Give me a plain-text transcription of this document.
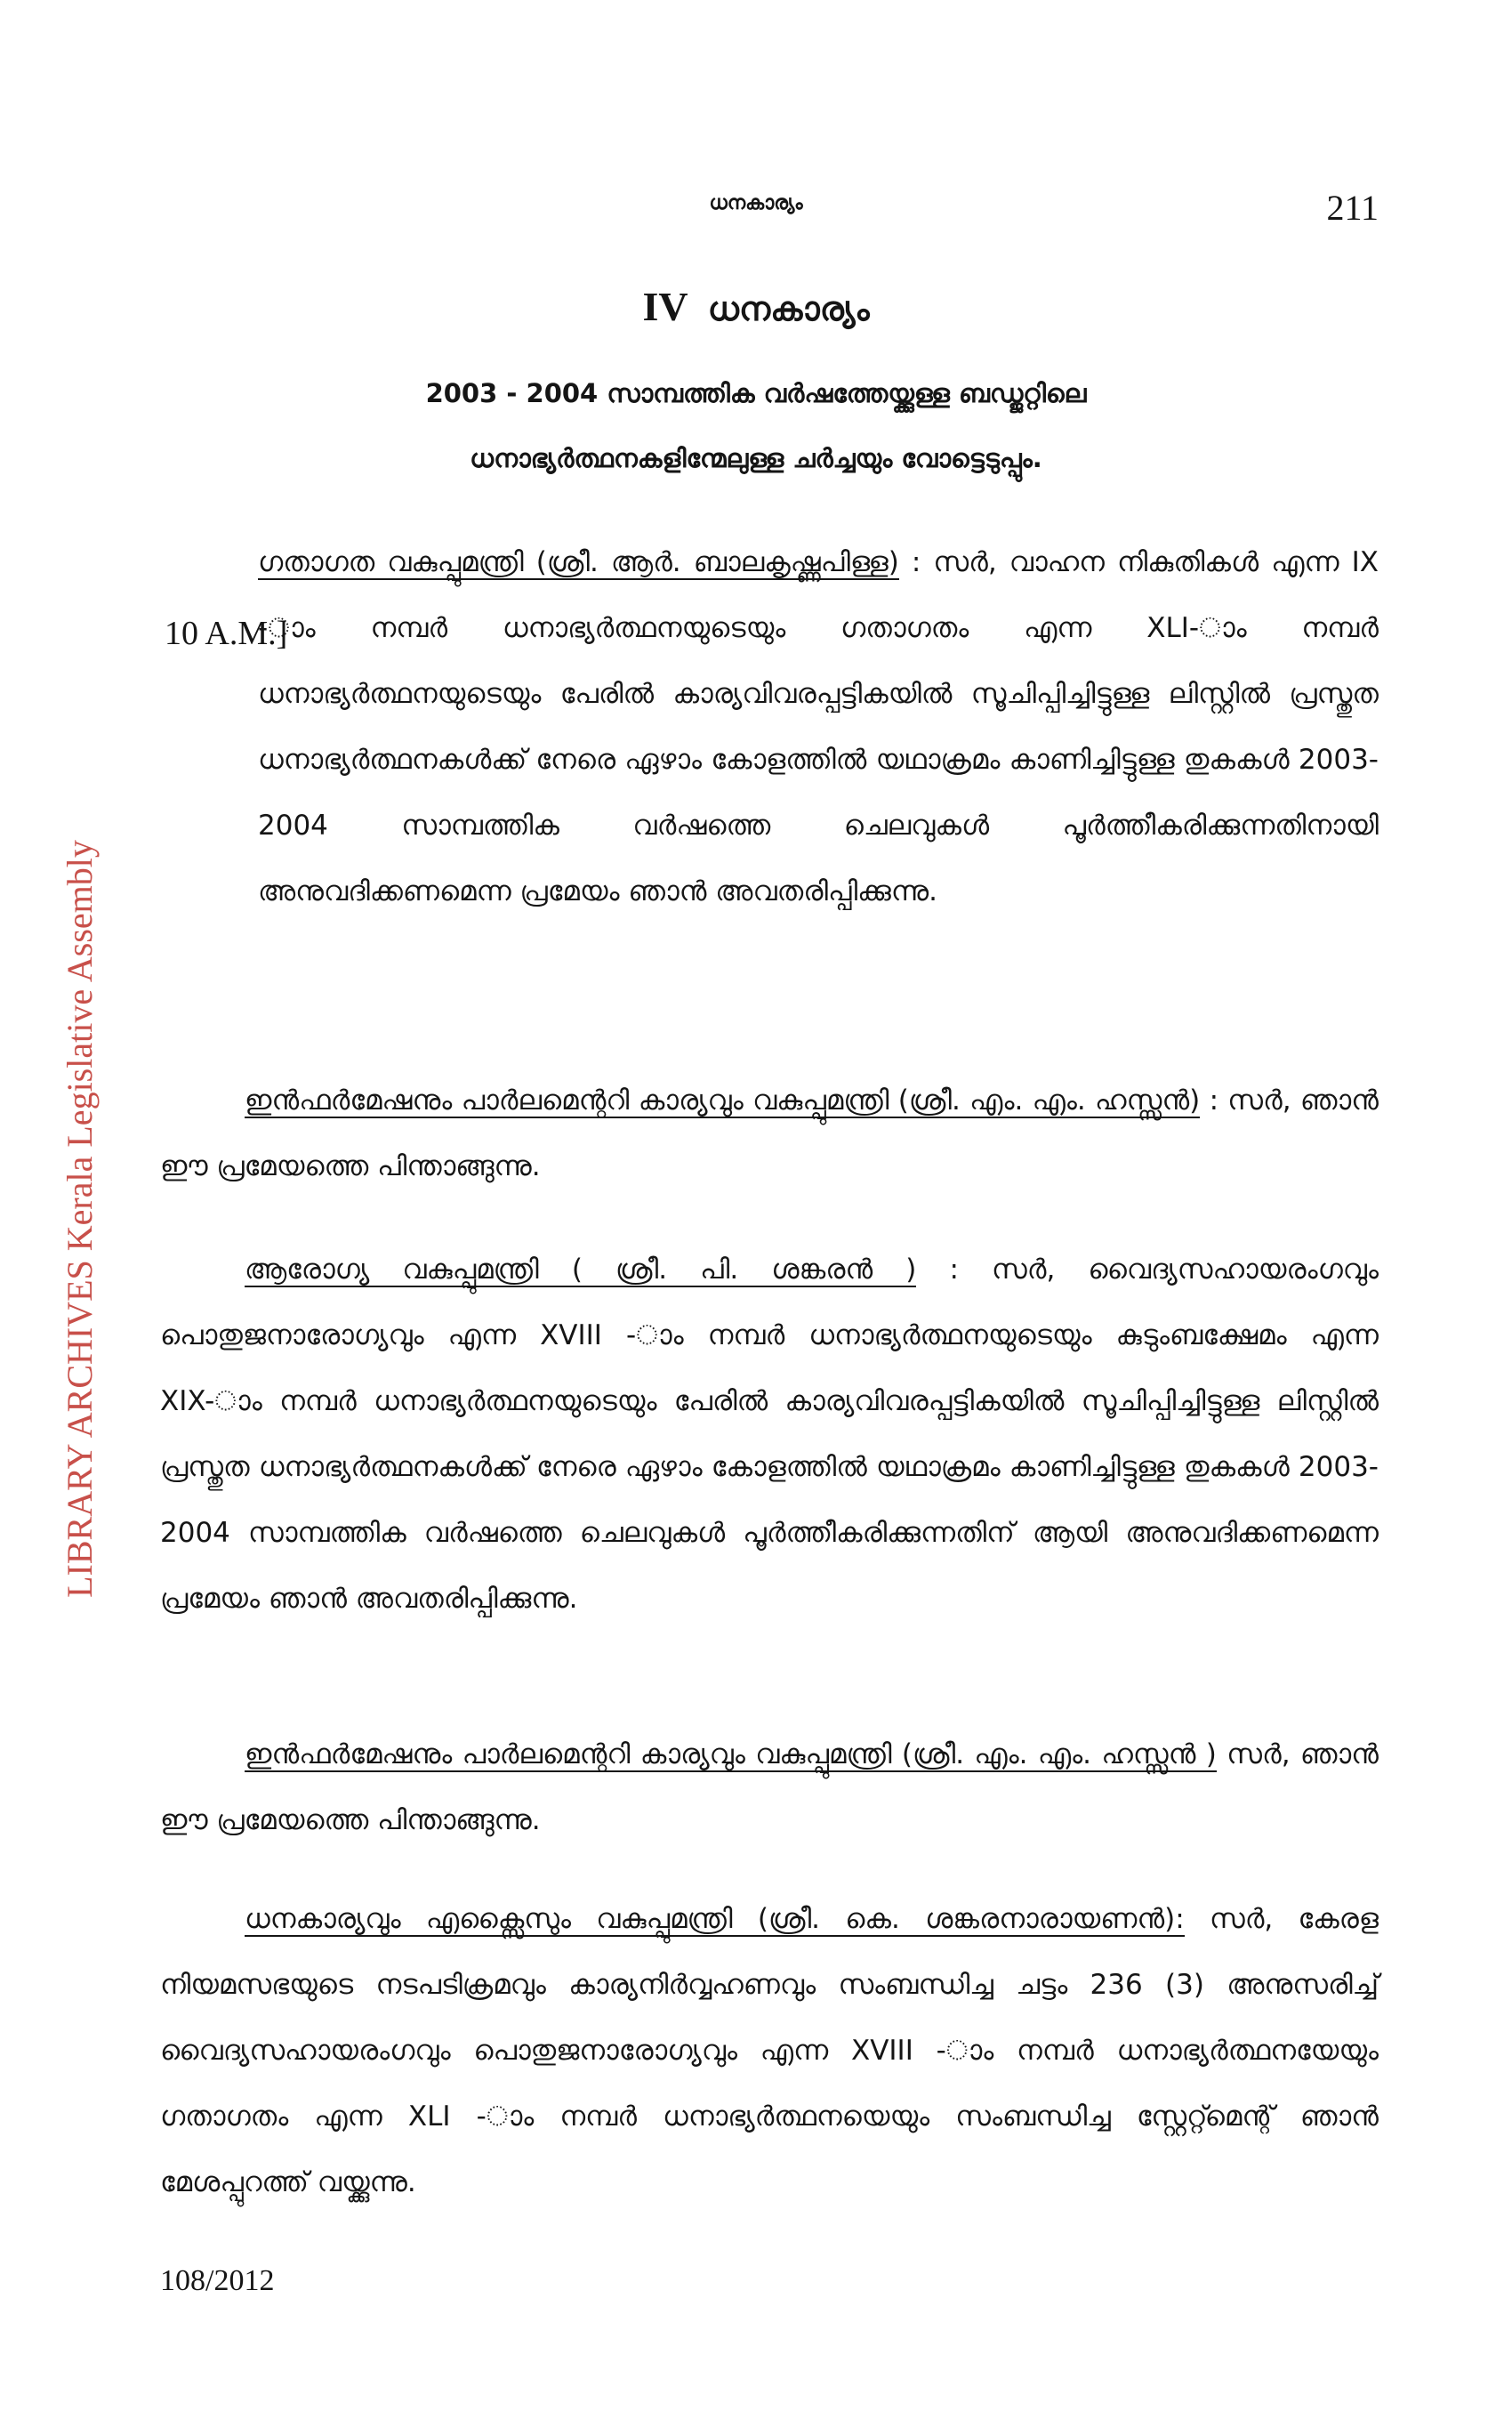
LIBRARY ARCHIVES Kerala Legislative Assembly
ധനകാര്യം	211
IV ധനകാര്യം
2003 - 2004 സാമ്പത്തിക വർഷത്തേയ്ക്കുള്ള ബഡ്ജറ്റിലെ
ധനാഭ്യർത്ഥനകളിന്മേലുള്ള ചർച്ചയും വോട്ടെടുപ്പും.
10 A.M.]
ഗതാഗത വകുപ്പുമന്ത്രി (ശ്രീ. ആർ. ബാലകൃഷ്ണപിള്ള) : സർ, വാഹന നികുതികൾ എന്ന IX -ാം നമ്പർ ധനാഭ്യർത്ഥനയുടെയും ഗതാഗതം എന്ന XLI-ാം നമ്പർ ധനാഭ്യർത്ഥനയുടെയും പേരിൽ കാര്യവിവരപ്പട്ടികയിൽ സൂചിപ്പിച്ചിട്ടുള്ള ലിസ്റ്റിൽ പ്രസ്തുത ധനാഭ്യർത്ഥനകൾക്ക് നേരെ ഏഴാം കോളത്തിൽ യഥാക്രമം കാണിച്ചിട്ടുള്ള തുകകൾ 2003-2004 സാമ്പത്തിക വർഷത്തെ ചെലവുകൾ പൂർത്തീകരിക്കുന്നതിനായി അനുവദിക്കണമെന്ന പ്രമേയം ഞാൻ അവതരിപ്പിക്കുന്നു.
ഇൻഫർമേഷനും പാർലമെന്ററി കാര്യവും വകുപ്പുമന്ത്രി (ശ്രീ. എം. എം. ഹസ്സൻ) : സർ, ഞാൻ ഈ പ്രമേയത്തെ പിന്താങ്ങുന്നു.
ആരോഗ്യ വകുപ്പുമന്ത്രി ( ശ്രീ. പി. ശങ്കരൻ ) : സർ, വൈദ്യസഹായരംഗവും പൊതുജനാരോഗ്യവും എന്ന XVIII -ാം നമ്പർ ധനാഭ്യർത്ഥനയുടെയും കുടുംബക്ഷേമം എന്ന XIX-ാം നമ്പർ ധനാഭ്യർത്ഥനയുടെയും പേരിൽ കാര്യവിവരപ്പട്ടികയിൽ സൂചിപ്പിച്ചിട്ടുള്ള ലിസ്റ്റിൽ പ്രസ്തുത ധനാഭ്യർത്ഥനകൾക്ക് നേരെ ഏഴാം കോളത്തിൽ യഥാക്രമം കാണിച്ചിട്ടുള്ള തുകകൾ 2003-2004 സാമ്പത്തിക വർഷത്തെ ചെലവുകൾ പൂർത്തീകരിക്കുന്നതിന് ആയി അനുവദിക്കണമെന്ന പ്രമേയം ഞാൻ അവതരിപ്പിക്കുന്നു.
ഇൻഫർമേഷനും പാർലമെന്ററി കാര്യവും വകുപ്പുമന്ത്രി (ശ്രീ. എം. എം. ഹസ്സൻ ) സർ, ഞാൻ ഈ പ്രമേയത്തെ പിന്താങ്ങുന്നു.
ധനകാര്യവും എക്സൈസും വകുപ്പുമന്ത്രി (ശ്രീ. കെ. ശങ്കരനാരായണൻ): സർ, കേരള നിയമസഭയുടെ നടപടിക്രമവും കാര്യനിർവ്വഹണവും സംബന്ധിച്ച ചട്ടം 236 (3) അനുസരിച്ച് വൈദ്യസഹായരംഗവും പൊതുജനാരോഗ്യവും എന്ന XVIII -ാം നമ്പർ ധനാഭ്യർത്ഥനയേയും ഗതാഗതം എന്ന XLI -ാം നമ്പർ ധനാഭ്യർത്ഥനയെയും സംബന്ധിച്ച സ്റ്റേറ്റ്മെന്റ് ഞാൻ മേശപ്പുറത്ത് വയ്ക്കുന്നു.
108/2012
